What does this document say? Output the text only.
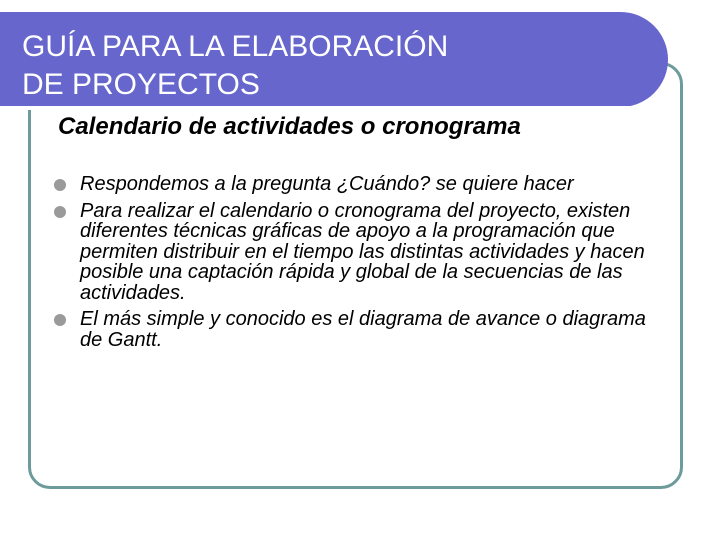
GUÍA PARA LA ELABORACIÓN
DE PROYECTOS
Calendario de actividades o cronograma
Respondemos a la pregunta ¿Cuándo? se quiere hacer
Para realizar el calendario o cronograma del proyecto, existen diferentes técnicas gráficas de apoyo a la programación que permiten distribuir en el tiempo las distintas actividades y hacen posible una captación rápida y global de la secuencias de las actividades.
El más simple y conocido es el diagrama de avance o diagrama de Gantt.
